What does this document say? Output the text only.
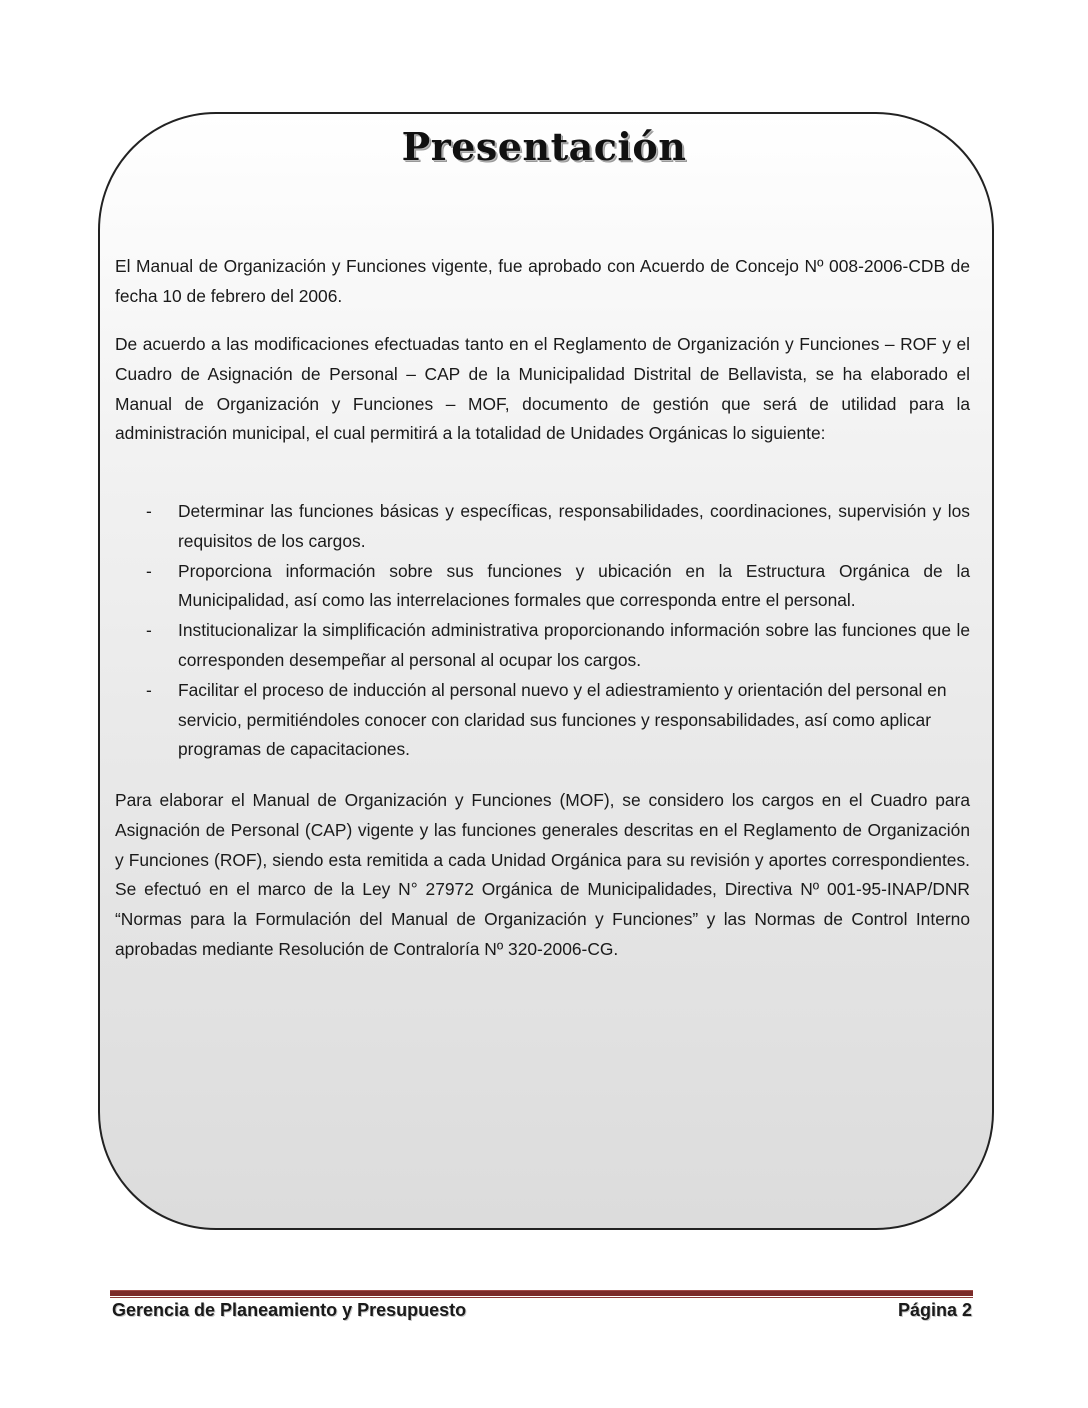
Presentación

El Manual de Organización y Funciones vigente, fue aprobado con Acuerdo de Concejo Nº 008-2006-CDB de fecha 10 de febrero del 2006.

De acuerdo a las modificaciones efectuadas tanto en el Reglamento de Organización y Funciones – ROF y el Cuadro de Asignación de Personal – CAP de la Municipalidad Distrital de Bellavista, se ha elaborado el Manual de Organización y Funciones – MOF, documento de gestión que será de utilidad para la administración municipal, el cual permitirá a la totalidad de Unidades Orgánicas lo siguiente:

- Determinar las funciones básicas y específicas, responsabilidades, coordinaciones, supervisión y los requisitos de los cargos.
- Proporciona información sobre sus funciones y ubicación en la Estructura Orgánica de la Municipalidad, así como las interrelaciones formales que corresponda entre el personal.
- Institucionalizar la simplificación administrativa proporcionando información sobre las funciones que le corresponden desempeñar al personal al ocupar los cargos.
- Facilitar el proceso de inducción al personal nuevo y el adiestramiento y orientación del personal en servicio, permitiéndoles conocer con claridad sus funciones y responsabilidades, así como aplicar programas de capacitaciones.

Para elaborar el Manual de Organización y Funciones (MOF), se considero los cargos en el Cuadro para Asignación de Personal (CAP) vigente y las funciones generales descritas en el Reglamento de Organización y Funciones (ROF), siendo esta remitida a cada Unidad Orgánica para su revisión y aportes correspondientes. Se efectuó en el marco de la Ley N° 27972 Orgánica de Municipalidades, Directiva Nº 001-95-INAP/DNR “Normas para la Formulación del Manual de Organización y Funciones” y las Normas de Control Interno aprobadas mediante Resolución de Contraloría Nº 320-2006-CG.

Gerencia de Planeamiento y Presupuesto	Página 2
